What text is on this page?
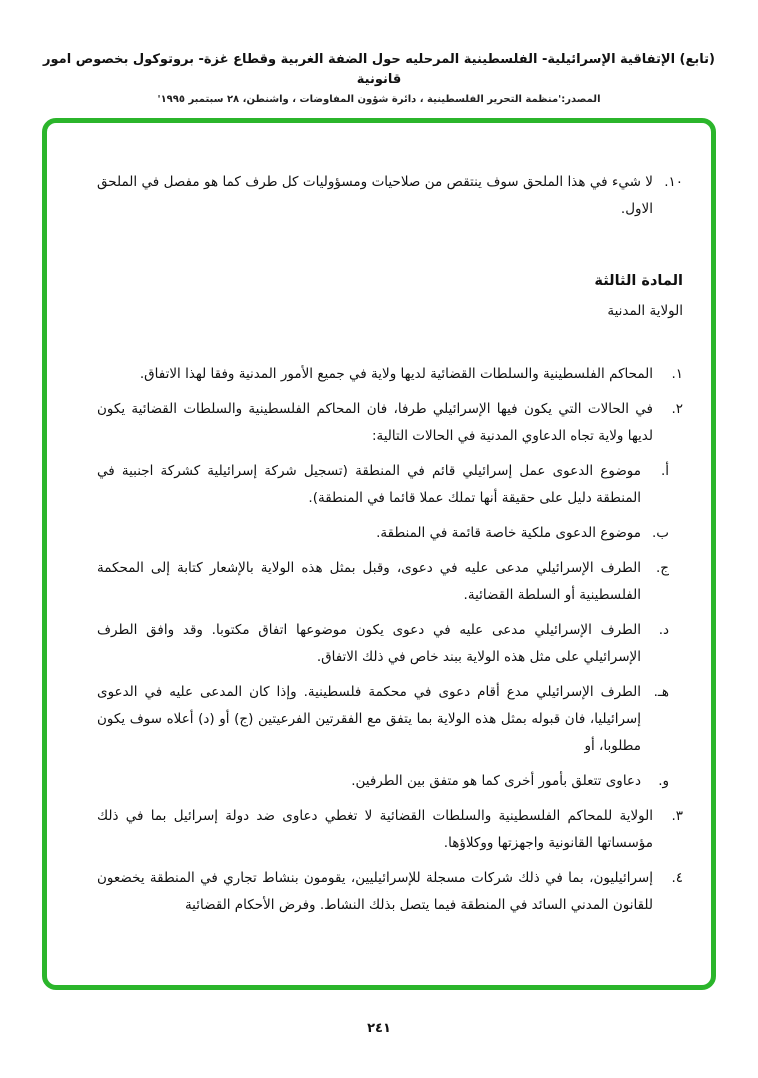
(تابع) الإتفاقية الإسرائيلية- الفلسطينية المرحليه حول الضفة الغربية وقطاع غزة- بروتوكول بخصوص امور قانونية
المصدر:'منظمة التحرير الفلسطينية ، دائرة شؤون المفاوضات ، واشنطن، ٢٨ سبتمبر ١٩٩٥'
١٠.
لا شيء في هذا الملحق سوف ينتقص من صلاحيات ومسؤوليات كل طرف كما هو مفصل في الملحق الاول.
المادة الثالثة
الولاية المدنية
١.
المحاكم الفلسطينية والسلطات القضائية لديها ولاية في جميع الأمور المدنية وفقا لهذا الاتفاق.
٢.
في الحالات التي يكون فيها الإسرائيلي طرفا، فان المحاكم الفلسطينية والسلطات القضائية يكون لديها ولاية تجاه الدعاوي المدنية في الحالات التالية:
أ.
موضوع الدعوى عمل إسرائيلي قائم في المنطقة (تسجيل شركة إسرائيلية كشركة اجنبية في المنطقة دليل على حقيقة أنها تملك عملا قائما في المنطقة).
ب.
موضوع الدعوى ملكية خاصة قائمة في المنطقة.
ج.
الطرف الإسرائيلي مدعى عليه في دعوى، وقبل بمثل هذه الولاية بالإشعار كتابة إلى المحكمة الفلسطينية أو السلطة القضائية.
د.
الطرف الإسرائيلي مدعى عليه في دعوى يكون موضوعها اتفاق مكتوبا. وقد وافق الطرف الإسرائيلي على مثل هذه الولاية ببند خاص في ذلك الاتفاق.
هـ.
الطرف الإسرائيلي مدع أقام دعوى في محكمة فلسطينية. وإذا كان المدعى عليه في الدعوى إسرائيليا، فان قبوله بمثل هذه الولاية بما يتفق مع الفقرتين الفرعيتين (ج) أو (د) أعلاه سوف يكون مطلوبا، أو
و.
دعاوى تتعلق بأمور أخرى كما هو متفق بين الطرفين.
٣.
الولاية للمحاكم الفلسطينية والسلطات القضائية لا تغطي دعاوى ضد دولة إسرائيل بما في ذلك مؤسساتها القانونية واجهزتها ووكلاؤها.
٤.
إسرائيليون، بما في ذلك شركات مسجلة للإسرائيليين، يقومون بنشاط تجاري في المنطقة يخضعون للقانون المدني السائد في المنطقة فيما يتصل بذلك النشاط. وفرض الأحكام القضائية
٢٤١
